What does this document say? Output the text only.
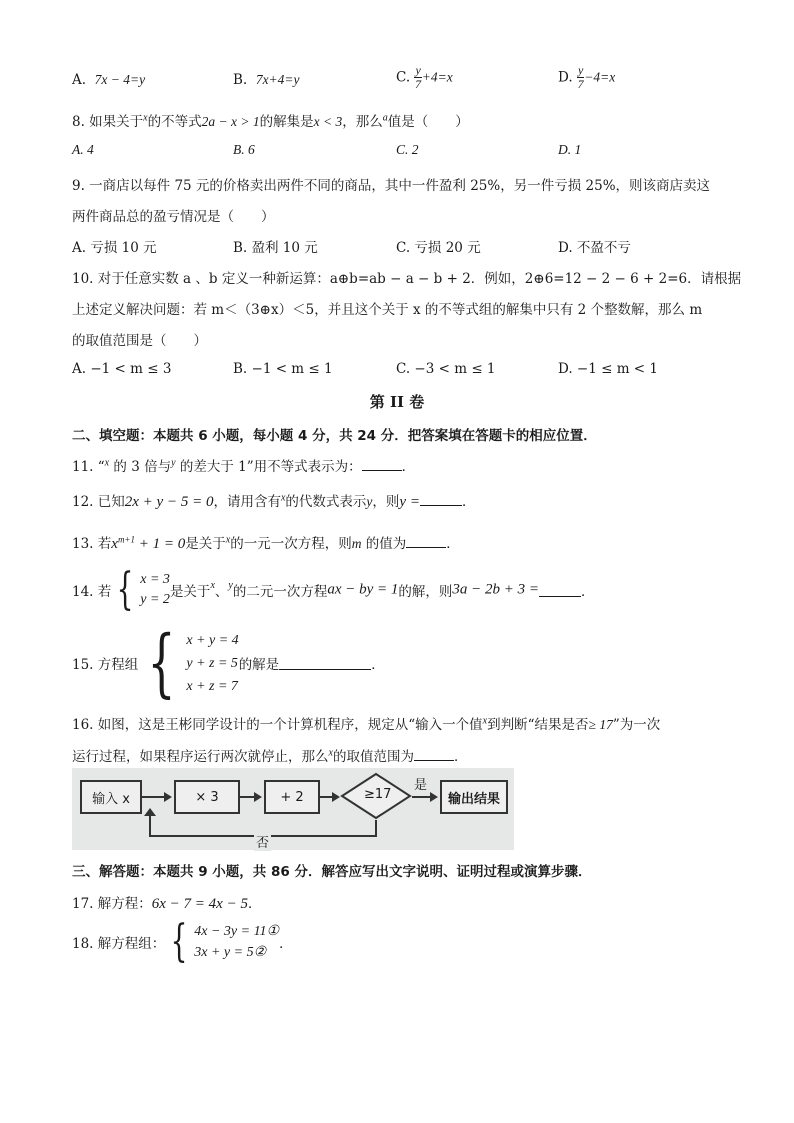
A. 7x − 4=y	B. 7x+4=y	C. $\frac{y}{7} +4=x$	D. $\frac{y}{7} -4=x$
8. 如果关于$^x$的不等式2a − x > 1的解集是x < 3，那么$^a$值是（　　）
A. 4	B. 6	C. 2	D. 1
9. 一商店以每件 75 元的价格卖出两件不同的商品，其中一件盈利 25%，另一件亏损 25%，则该商店卖这
两件商品总的盈亏情况是（　　）
A. 亏损 10 元	B. 盈利 10 元	C. 亏损 20 元	D. 不盈不亏
10. 对于任意实数 a 、b 定义一种新运算：a⊕b=ab − a − b + 2．例如，2⊕6=12 − 2 − 6 + 2=6．请根据
上述定义解决问题：若 m＜（3⊕x）＜5，并且这个关于 x 的不等式组的解集中只有 2 个整数解，那么 m
的取值范围是（　　）
A. −1 < m ≤ 3	B. −1 < m ≤ 1	C. −3 < m ≤ 1	D. −1 ≤ m < 1
第 II 卷
二、填空题：本题共 6 小题，每小题 4 分，共 24 分．把答案填在答题卡的相应位置．
11. “$^x$ 的 3 倍与$^y$ 的差大于 1”用不等式表示为：	．
12. 已知2x + y − 5 = 0，请用含有$^x$的代数式表示y，则y =	．
13. 若$x^{m+1} + 1 = 0$是关于$^x$的一元一次方程，则m 的值为	．
14. 若 { x = 3
y = 2 是关于$^x$、$^y$的二元一次方程ax − by = 1的解，则3a − 2b + 3 =	．
15. 方程组 { x + y = 4
y + z = 5
x + z = 7
的解是	．
16. 如图，这是王彬同学设计的一个计算机程序，规定从“输入一个值$^x$到判断“结果是否≥ 17”为一次
运行过程，如果程序运行两次就停止，那么$^x$的取值范围为	．
输入 x	× 3	+ 2	≥17
是
输出结果
否
三、解答题：本题共 9 小题，共 86 分．解答应写出文字说明、证明过程或演算步骤．
17. 解方程：6x − 7 = 4x − 5．
18. 解方程组： { 4x − 3y = 11①
3x + y = 5②
．
